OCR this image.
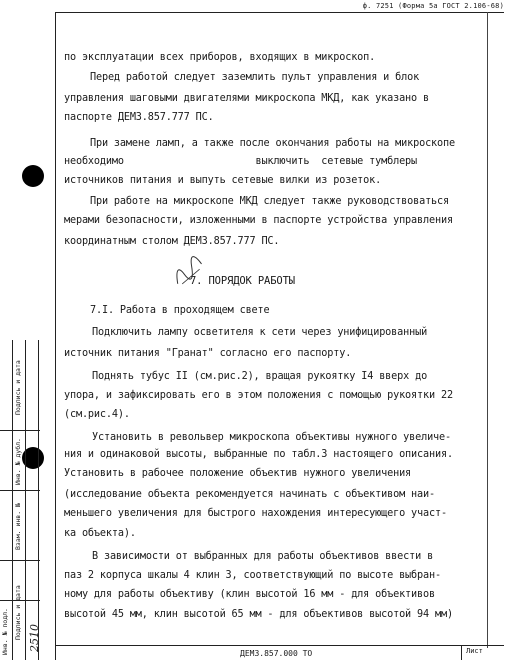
ф. 7251 (Форма 5а ГОСТ 2.106-68)
по эксплуатации всех приборов, входящих в микроскоп.
Перед работой следует заземлить пульт управления и блок
управления шаговыми двигателями микроскопа МКД, как указано в
паспорте ДЕМЗ.857.777 ПС.
При замене ламп, а также после окончания работы на микроскопе
необходимо                      выключить  сетевые тумблеры
источников питания и выпуть сетевые вилки из розеток.
При работе на микроскопе МКД следует также руководствоваться
мерами безопасности, изложенными в паспорте устройства управления
координатным столом ДЕМЗ.857.777 ПС.
7. ПОРЯДОК РАБОТЫ
7.I. Работа в проходящем свете
Подключить лампу осветителя к сети через унифицированный
источник питания "Гранат" согласно его паспорту.
Поднять тубус II (см.рис.2), вращая рукоятку I4 вверх до
упора, и зафиксировать его в этом положения с помощью рукоятки 22
(см.рис.4).
Установить в револьвер микроскопа объективы нужного увеличе-
ния и одинаковой высоты, выбранные по табл.3 настоящего описания.
Установить в рабочее положение объектив нужного увеличения
(исследование объекта рекомендуется начинать с объективом наи-
меньшего увеличения для быстрого нахождения интересующего участ-
ка объекта).
В зависимости от выбранных для работы объективов ввести в
паз 2 корпуса шкалы 4 клин 3, соответствующий по высоте выбран-
ному для работы объективу (клин высотой 16 мм - для объективов
высотой 45 мм, клин высотой 65 мм - для объективов высотой 94 мм)
Инв. № подл.
Подпись и дата
Взам. инв. №
Инв. № дубл.
Подпись и дата 2510
ДЕМЗ.857.000 ТО	Лист
